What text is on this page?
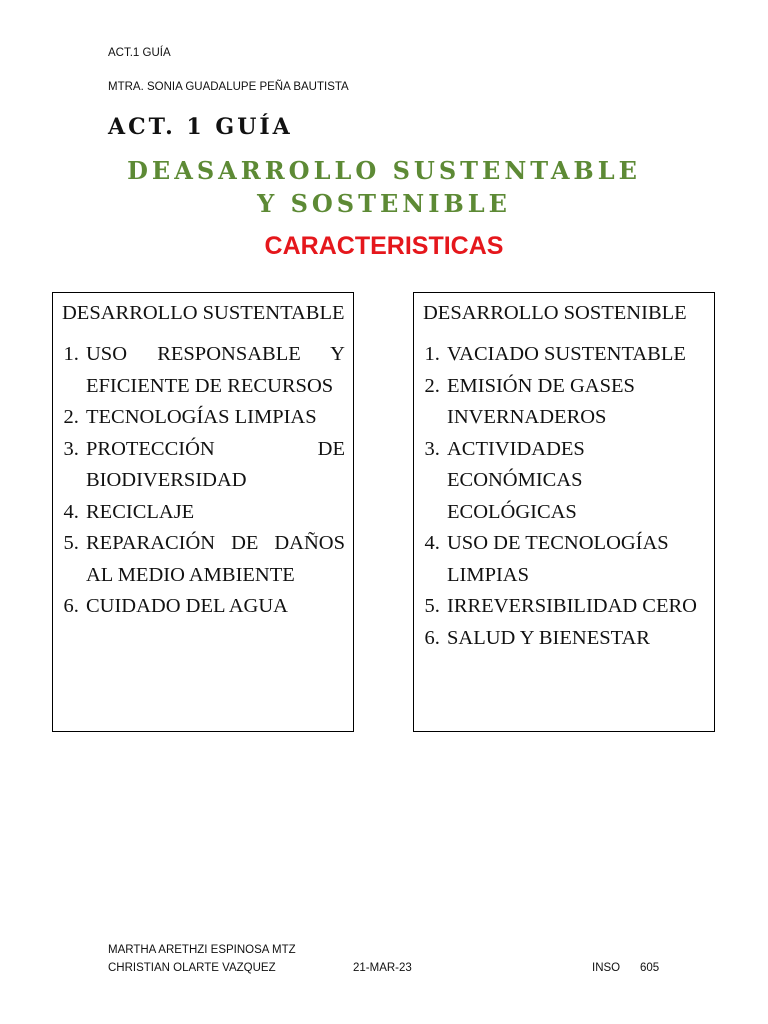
ACT.1 GUÍA
MTRA. SONIA GUADALUPE PEÑA BAUTISTA
ACT. 1 GUÍA
DEASARROLLO SUSTENTABLE
Y SOSTENIBLE
CARACTERISTICAS
DESARROLLO SUSTENTABLE
1. USO RESPONSABLE Y EFICIENTE DE RECURSOS
2. TECNOLOGÍAS LIMPIAS
3. PROTECCIÓN DE BIODIVERSIDAD
4. RECICLAJE
5. REPARACIÓN DE DAÑOS AL MEDIO AMBIENTE
6. CUIDADO DEL AGUA
DESARROLLO SOSTENIBLE
1. VACIADO SUSTENTABLE
2. EMISIÓN DE GASES INVERNADEROS
3. ACTIVIDADES ECONÓMICAS ECOLÓGICAS
4. USO DE TECNOLOGÍAS LIMPIAS
5. IRREVERSIBILIDAD CERO
6. SALUD Y BIENESTAR
MARTHA ARETHZI ESPINOSA MTZ
CHRISTIAN OLARTE VAZQUEZ	21-MAR-23	INSO 605
